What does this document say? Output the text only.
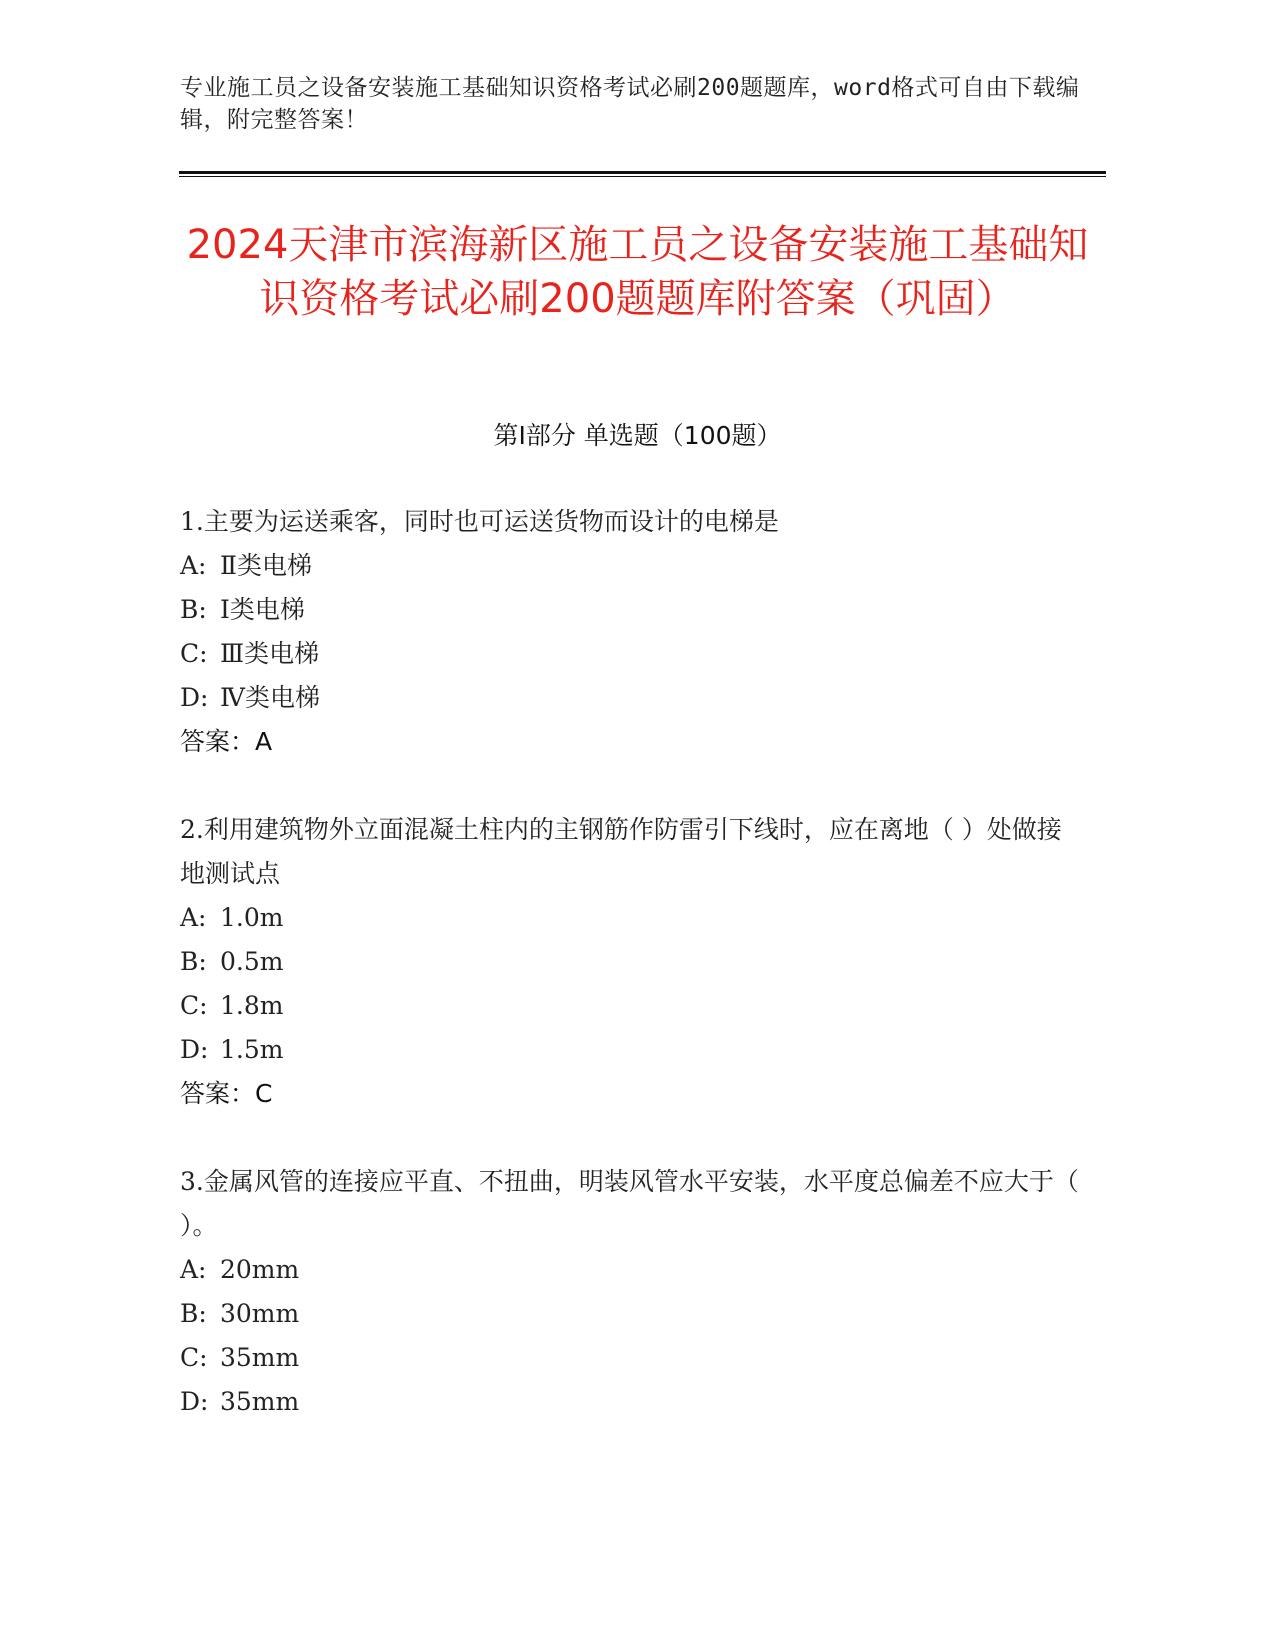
专业施工员之设备安装施工基础知识资格考试必刷200题题库，word格式可自由下载编辑，附完整答案！
2024天津市滨海新区施工员之设备安装施工基础知识资格考试必刷200题题库附答案（巩固）
第I部分 单选题（100题）
1.主要为运送乘客，同时也可运送货物而设计的电梯是
A: Ⅱ类电梯
B: Ⅰ类电梯
C: Ⅲ类电梯
D: Ⅳ类电梯
答案：A
2.利用建筑物外立面混凝土柱内的主钢筋作防雷引下线时，应在离地（ ）处做接地测试点
A: 1.0m
B: 0.5m
C: 1.8m
D: 1.5m
答案：C
3.金属风管的连接应平直、不扭曲，明装风管水平安装，水平度总偏差不应大于（ ）。
A: 20mm
B: 30mm
C: 35mm
D: 35mm
